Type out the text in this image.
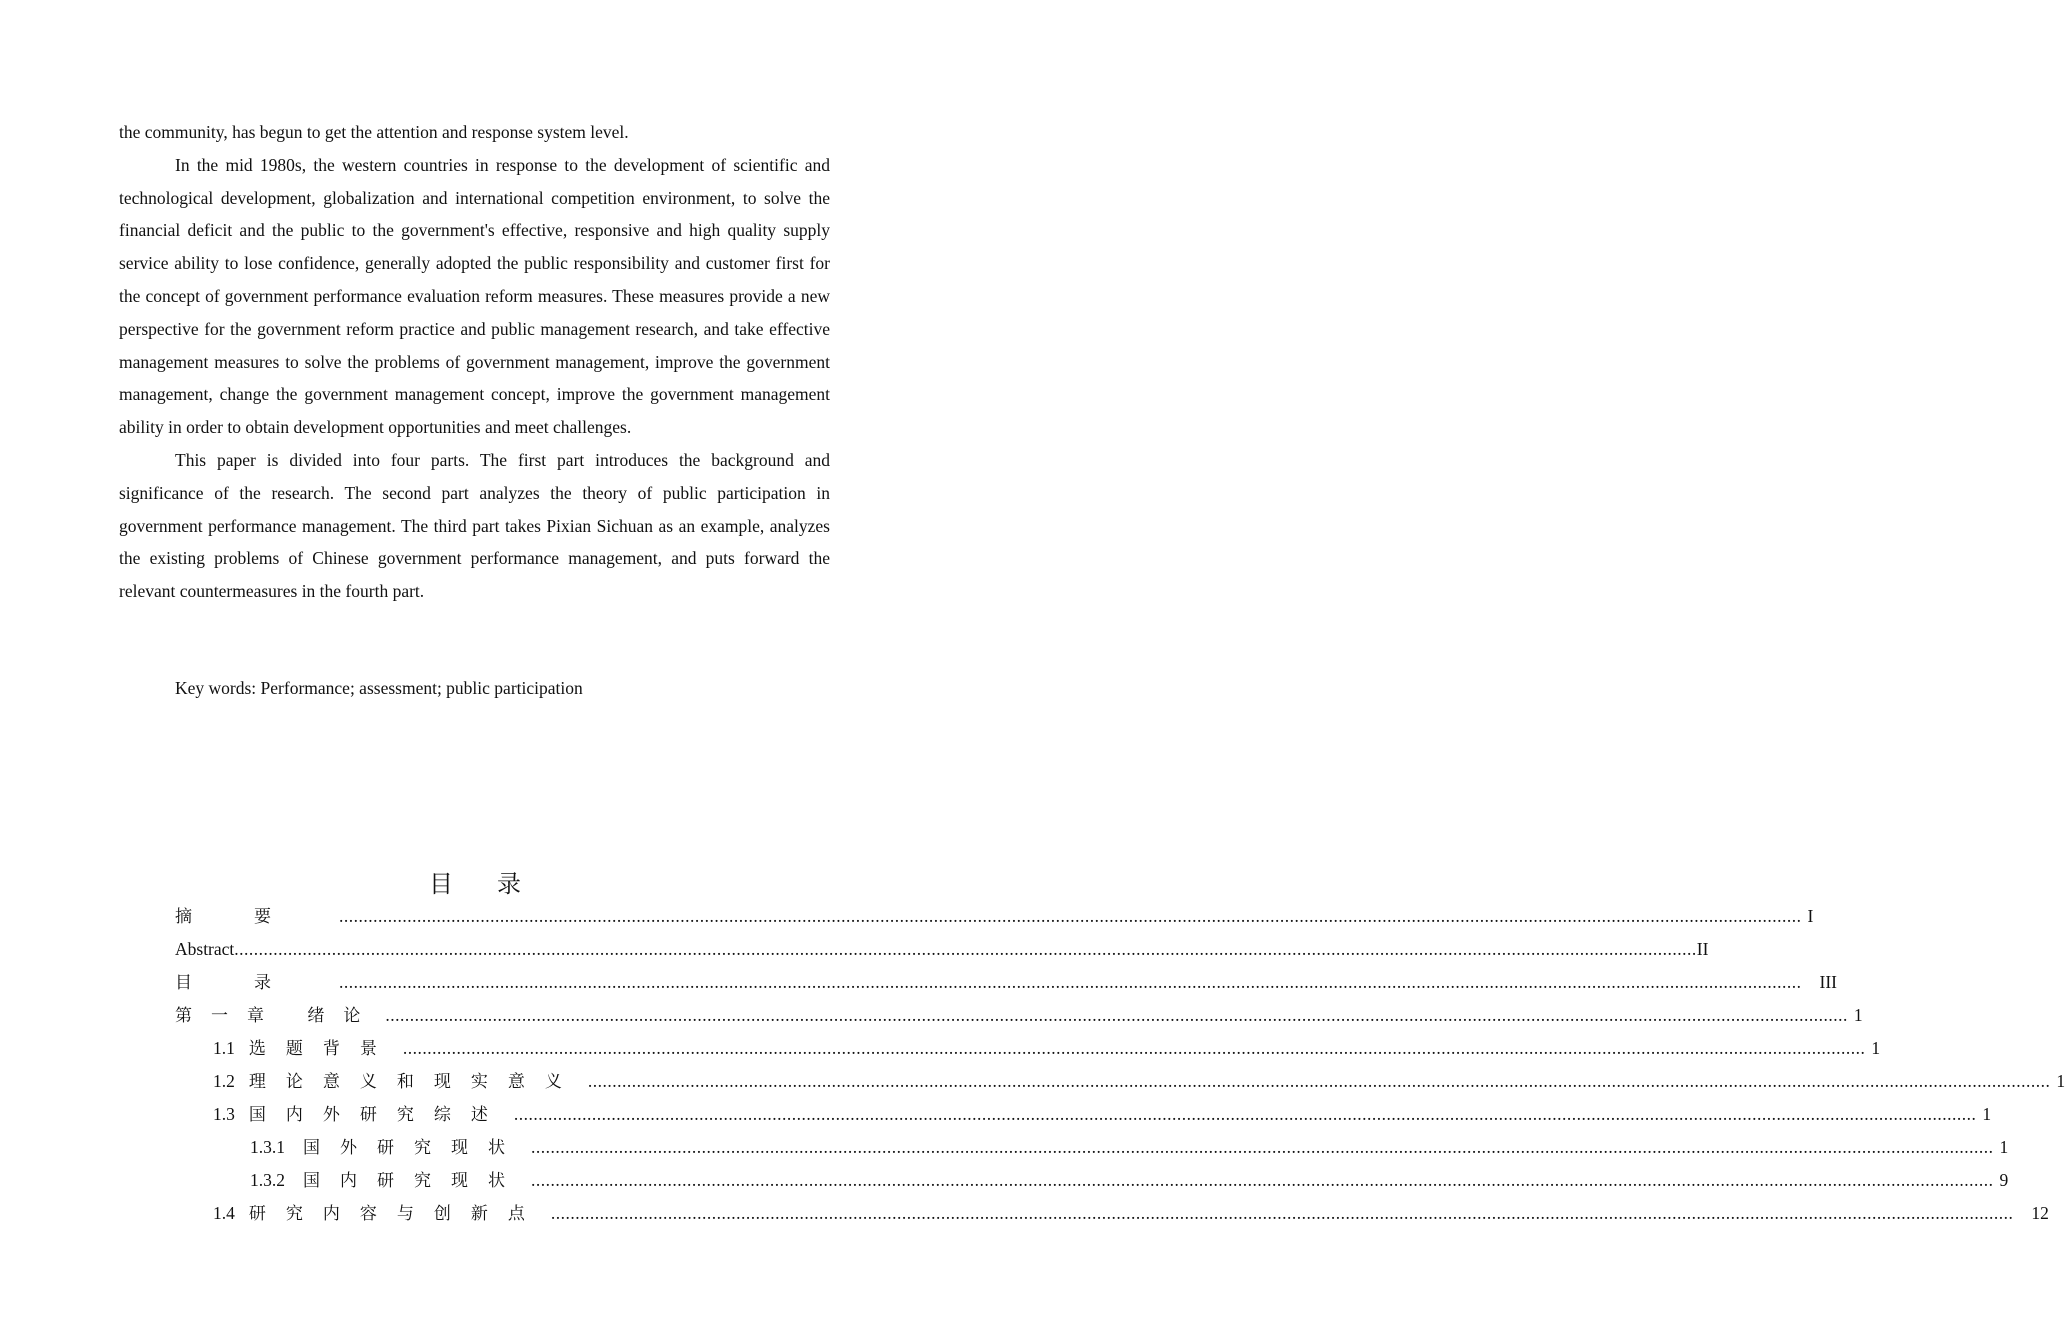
the community, has begun to get the attention and response system level.

In the mid 1980s, the western countries in response to the development of scientific and technological development, globalization and international competition environment, to solve the financial deficit and the public to the government's effective, responsive and high quality supply service ability to lose confidence, generally adopted the public responsibility and customer first for the concept of government performance evaluation reform measures. These measures provide a new perspective for the government reform practice and public management research, and take effective management measures to solve the problems of government management, improve the government management, change the government management concept, improve the government management ability in order to obtain development opportunities and meet challenges.

This paper is divided into four parts. The first part introduces the background and significance of the research. The second part analyzes the theory of public participation in government performance management. The third part takes Pixian Sichuan as an example, analyzes the existing problems of Chinese government performance management, and puts forward the relevant countermeasures in the fourth part.

Key words: Performance; assessment; public participation
目录
摘要 ............................................................................................................................................................................................................................................................................................................ I
Abstract ............................................................................................................................................................................................................................................................................................................ II
目录 ............................................................................................................................................................................................................................................................................................................ III
第一章 绪论 ............................................................................................................................................................................................................................................................................................................ 1
1.1 选题背景 ............................................................................................................................................................................................................................................................................................................ 1
1.2 理论意义和现实意义 ............................................................................................................................................................................................................................................................................................................ 1
1.3 国内外研究综述 ............................................................................................................................................................................................................................................................................................................ 1
1.3.1 国外研究现状 ............................................................................................................................................................................................................................................................................................................ 1
1.3.2 国内研究现状 ............................................................................................................................................................................................................................................................................................................ 9
1.4 研究内容与创新点 ............................................................................................................................................................................................................................................................................................................ 12
